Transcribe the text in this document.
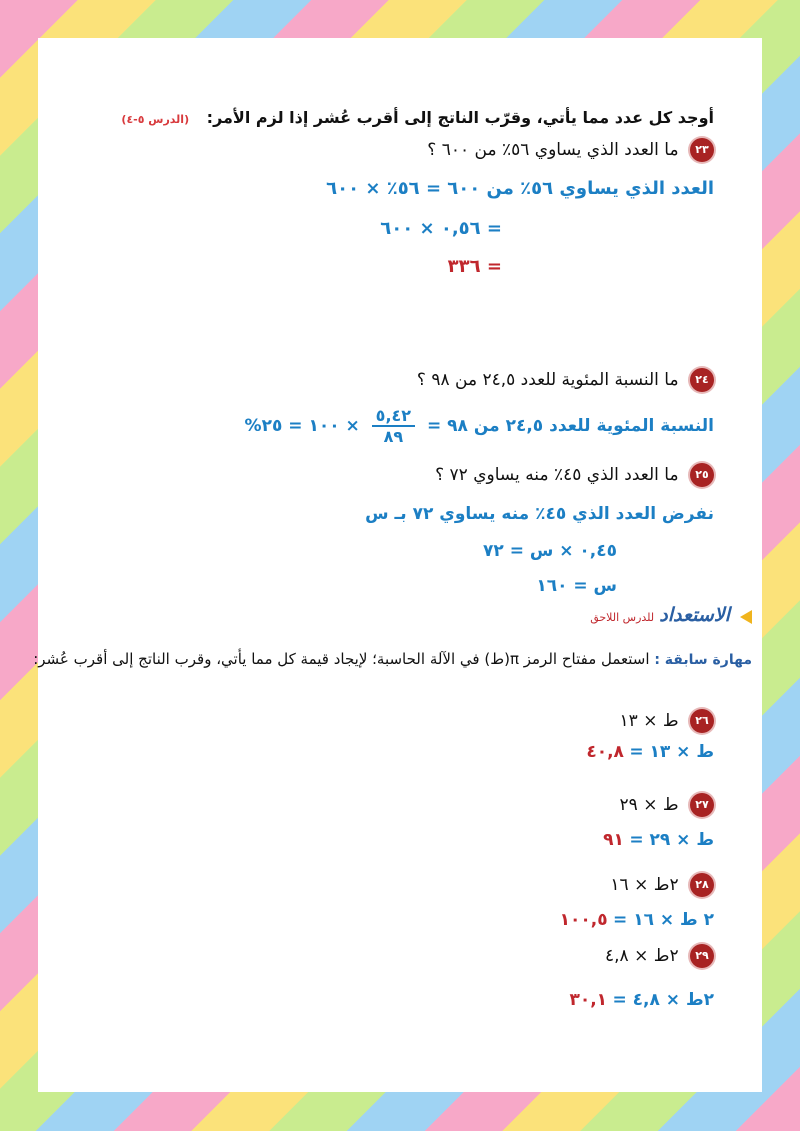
أوجد كل عدد مما يأتي، وقرّب الناتج إلى أقرب عُشر إذا لزم الأمر: (الدرس ٥-٤)
٢٣ ما العدد الذي يساوي ٥٦٪ من ٦٠٠ ؟
العدد الذي يساوي ٥٦٪ من ٦٠٠ = ٥٦٪ × ٦٠٠
= ٠,٥٦ × ٦٠٠
= ٣٣٦
٢٤ ما النسبة المئوية للعدد ٢٤,٥ من ٩٨ ؟
النسبة المئوية للعدد ٢٤,٥ من ٩٨ =
$\frac{٥,٤٢}{٨٩}$
× ١٠٠ = ٢٥%
٢٥ ما العدد الذي ٤٥٪ منه يساوي ٧٢ ؟
نفرض العدد الذي ٤٥٪ منه يساوي ٧٢ بـ س
٠,٤٥ × س = ٧٢
س = ١٦٠
الاستعداد للدرس اللاحق
مهارة سابقة : استعمل مفتاح الرمز π(ط) في الآلة الحاسبة؛ لإيجاد قيمة كل مما يأتي، وقرب الناتج إلى أقرب عُشر:
٢٦ ط × ١٣
ط × ١٣ = ٤٠,٨
٢٧ ط × ٢٩
ط × ٢٩ = ٩١
٢٨ ٢ط × ١٦
٢ ط × ١٦ = ١٠٠,٥
٢٩ ٢ط × ٤,٨
٢ط × ٤,٨ = ٣٠,١
